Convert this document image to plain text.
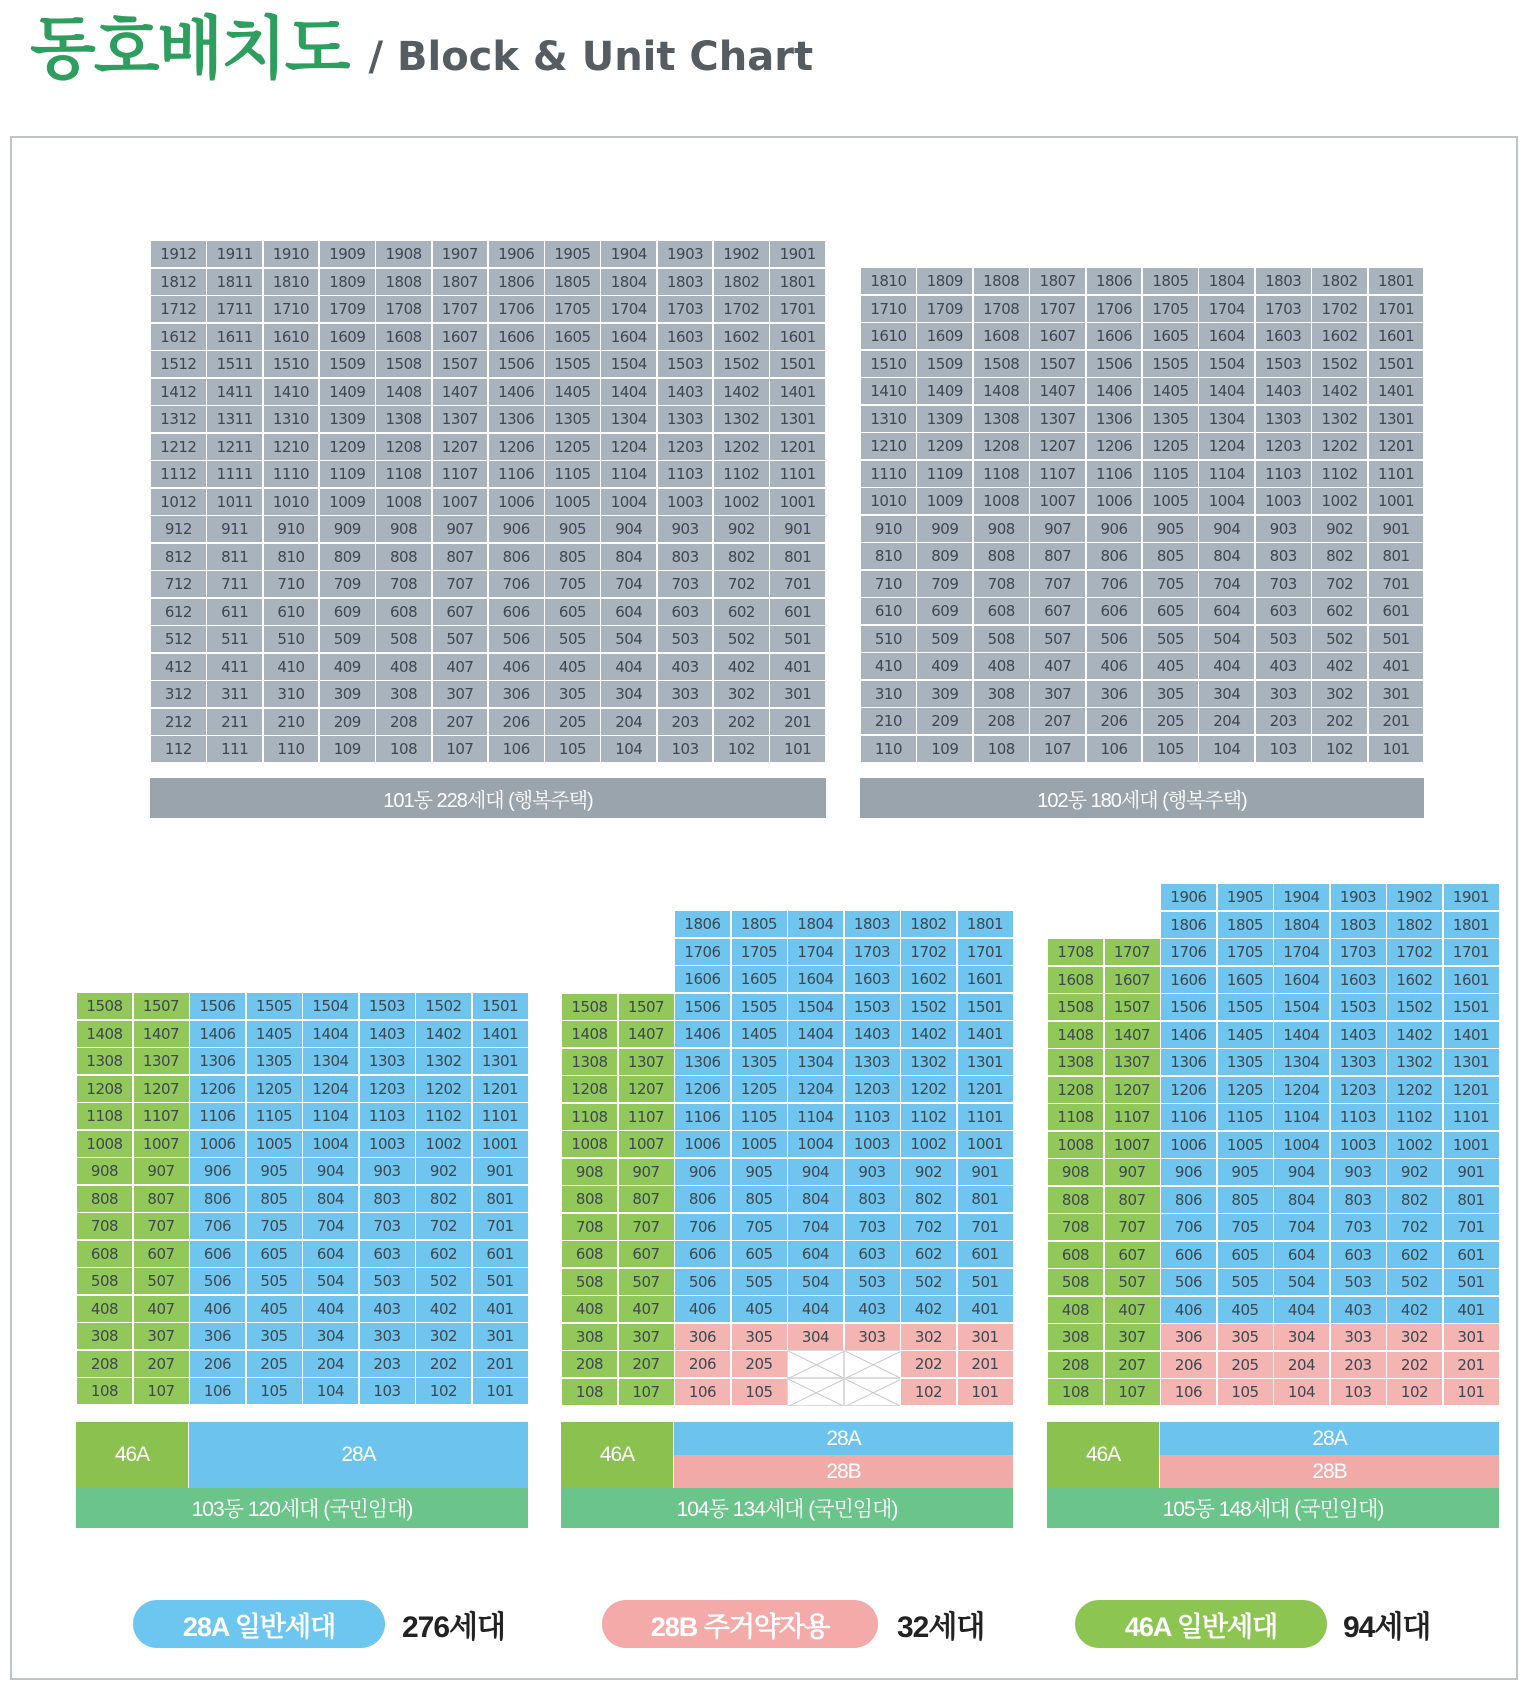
동호배치도 / Block & Unit Chart
1912	1911	1910	1909	1908	1907	1906	1905	1904	1903	1902	1901
1812	1811	1810	1809	1808	1807	1806	1805	1804	1803	1802	1801
1712	1711	1710	1709	1708	1707	1706	1705	1704	1703	1702	1701
1612	1611	1610	1609	1608	1607	1606	1605	1604	1603	1602	1601
1512	1511	1510	1509	1508	1507	1506	1505	1504	1503	1502	1501
1412	1411	1410	1409	1408	1407	1406	1405	1404	1403	1402	1401
1312	1311	1310	1309	1308	1307	1306	1305	1304	1303	1302	1301
1212	1211	1210	1209	1208	1207	1206	1205	1204	1203	1202	1201
1112	1111	1110	1109	1108	1107	1106	1105	1104	1103	1102	1101
1012	1011	1010	1009	1008	1007	1006	1005	1004	1003	1002	1001
912	911	910	909	908	907	906	905	904	903	902	901
812	811	810	809	808	807	806	805	804	803	802	801
712	711	710	709	708	707	706	705	704	703	702	701
612	611	610	609	608	607	606	605	604	603	602	601
512	511	510	509	508	507	506	505	504	503	502	501
412	411	410	409	408	407	406	405	404	403	402	401
312	311	310	309	308	307	306	305	304	303	302	301
212	211	210	209	208	207	206	205	204	203	202	201
112	111	110	109	108	107	106	105	104	103	102	101
101동 228세대 (행복주택)
1810	1809	1808	1807	1806	1805	1804	1803	1802	1801
1710	1709	1708	1707	1706	1705	1704	1703	1702	1701
1610	1609	1608	1607	1606	1605	1604	1603	1602	1601
1510	1509	1508	1507	1506	1505	1504	1503	1502	1501
1410	1409	1408	1407	1406	1405	1404	1403	1402	1401
1310	1309	1308	1307	1306	1305	1304	1303	1302	1301
1210	1209	1208	1207	1206	1205	1204	1203	1202	1201
1110	1109	1108	1107	1106	1105	1104	1103	1102	1101
1010	1009	1008	1007	1006	1005	1004	1003	1002	1001
910	909	908	907	906	905	904	903	902	901
810	809	808	807	806	805	804	803	802	801
710	709	708	707	706	705	704	703	702	701
610	609	608	607	606	605	604	603	602	601
510	509	508	507	506	505	504	503	502	501
410	409	408	407	406	405	404	403	402	401
310	309	308	307	306	305	304	303	302	301
210	209	208	207	206	205	204	203	202	201
110	109	108	107	106	105	104	103	102	101
102동 180세대 (행복주택)
1508	1507	1506	1505	1504	1503	1502	1501
1408	1407	1406	1405	1404	1403	1402	1401
1308	1307	1306	1305	1304	1303	1302	1301
1208	1207	1206	1205	1204	1203	1202	1201
1108	1107	1106	1105	1104	1103	1102	1101
1008	1007	1006	1005	1004	1003	1002	1001
908	907	906	905	904	903	902	901
808	807	806	805	804	803	802	801
708	707	706	705	704	703	702	701
608	607	606	605	604	603	602	601
508	507	506	505	504	503	502	501
408	407	406	405	404	403	402	401
308	307	306	305	304	303	302	301
208	207	206	205	204	203	202	201
108	107	106	105	104	103	102	101
46A	28A
103동 120세대 (국민임대)
1806	1805	1804	1803	1802	1801
1706	1705	1704	1703	1702	1701
1606	1605	1604	1603	1602	1601
1508	1507	1506	1505	1504	1503	1502	1501
1408	1407	1406	1405	1404	1403	1402	1401
1308	1307	1306	1305	1304	1303	1302	1301
1208	1207	1206	1205	1204	1203	1202	1201
1108	1107	1106	1105	1104	1103	1102	1101
1008	1007	1006	1005	1004	1003	1002	1001
908	907	906	905	904	903	902	901
808	807	806	805	804	803	802	801
708	707	706	705	704	703	702	701
608	607	606	605	604	603	602	601
508	507	506	505	504	503	502	501
408	407	406	405	404	403	402	401
308	307	306	305	304	303	302	301
208	207	206	205	202	201
108	107	106	105	102	101
46A
28A
28B
104동 134세대 (국민임대)
1906	1905	1904	1903	1902	1901
1806	1805	1804	1803	1802	1801
1708	1707	1706	1705	1704	1703	1702	1701
1608	1607	1606	1605	1604	1603	1602	1601
1508	1507	1506	1505	1504	1503	1502	1501
1408	1407	1406	1405	1404	1403	1402	1401
1308	1307	1306	1305	1304	1303	1302	1301
1208	1207	1206	1205	1204	1203	1202	1201
1108	1107	1106	1105	1104	1103	1102	1101
1008	1007	1006	1005	1004	1003	1002	1001
908	907	906	905	904	903	902	901
808	807	806	805	804	803	802	801
708	707	706	705	704	703	702	701
608	607	606	605	604	603	602	601
508	507	506	505	504	503	502	501
408	407	406	405	404	403	402	401
308	307	306	305	304	303	302	301
208	207	206	205	204	203	202	201
108	107	106	105	104	103	102	101
46A
28A
28B
105동 148세대 (국민임대)
28A 일반세대	276세대	28B 주거약자용	32세대	46A 일반세대	94세대
